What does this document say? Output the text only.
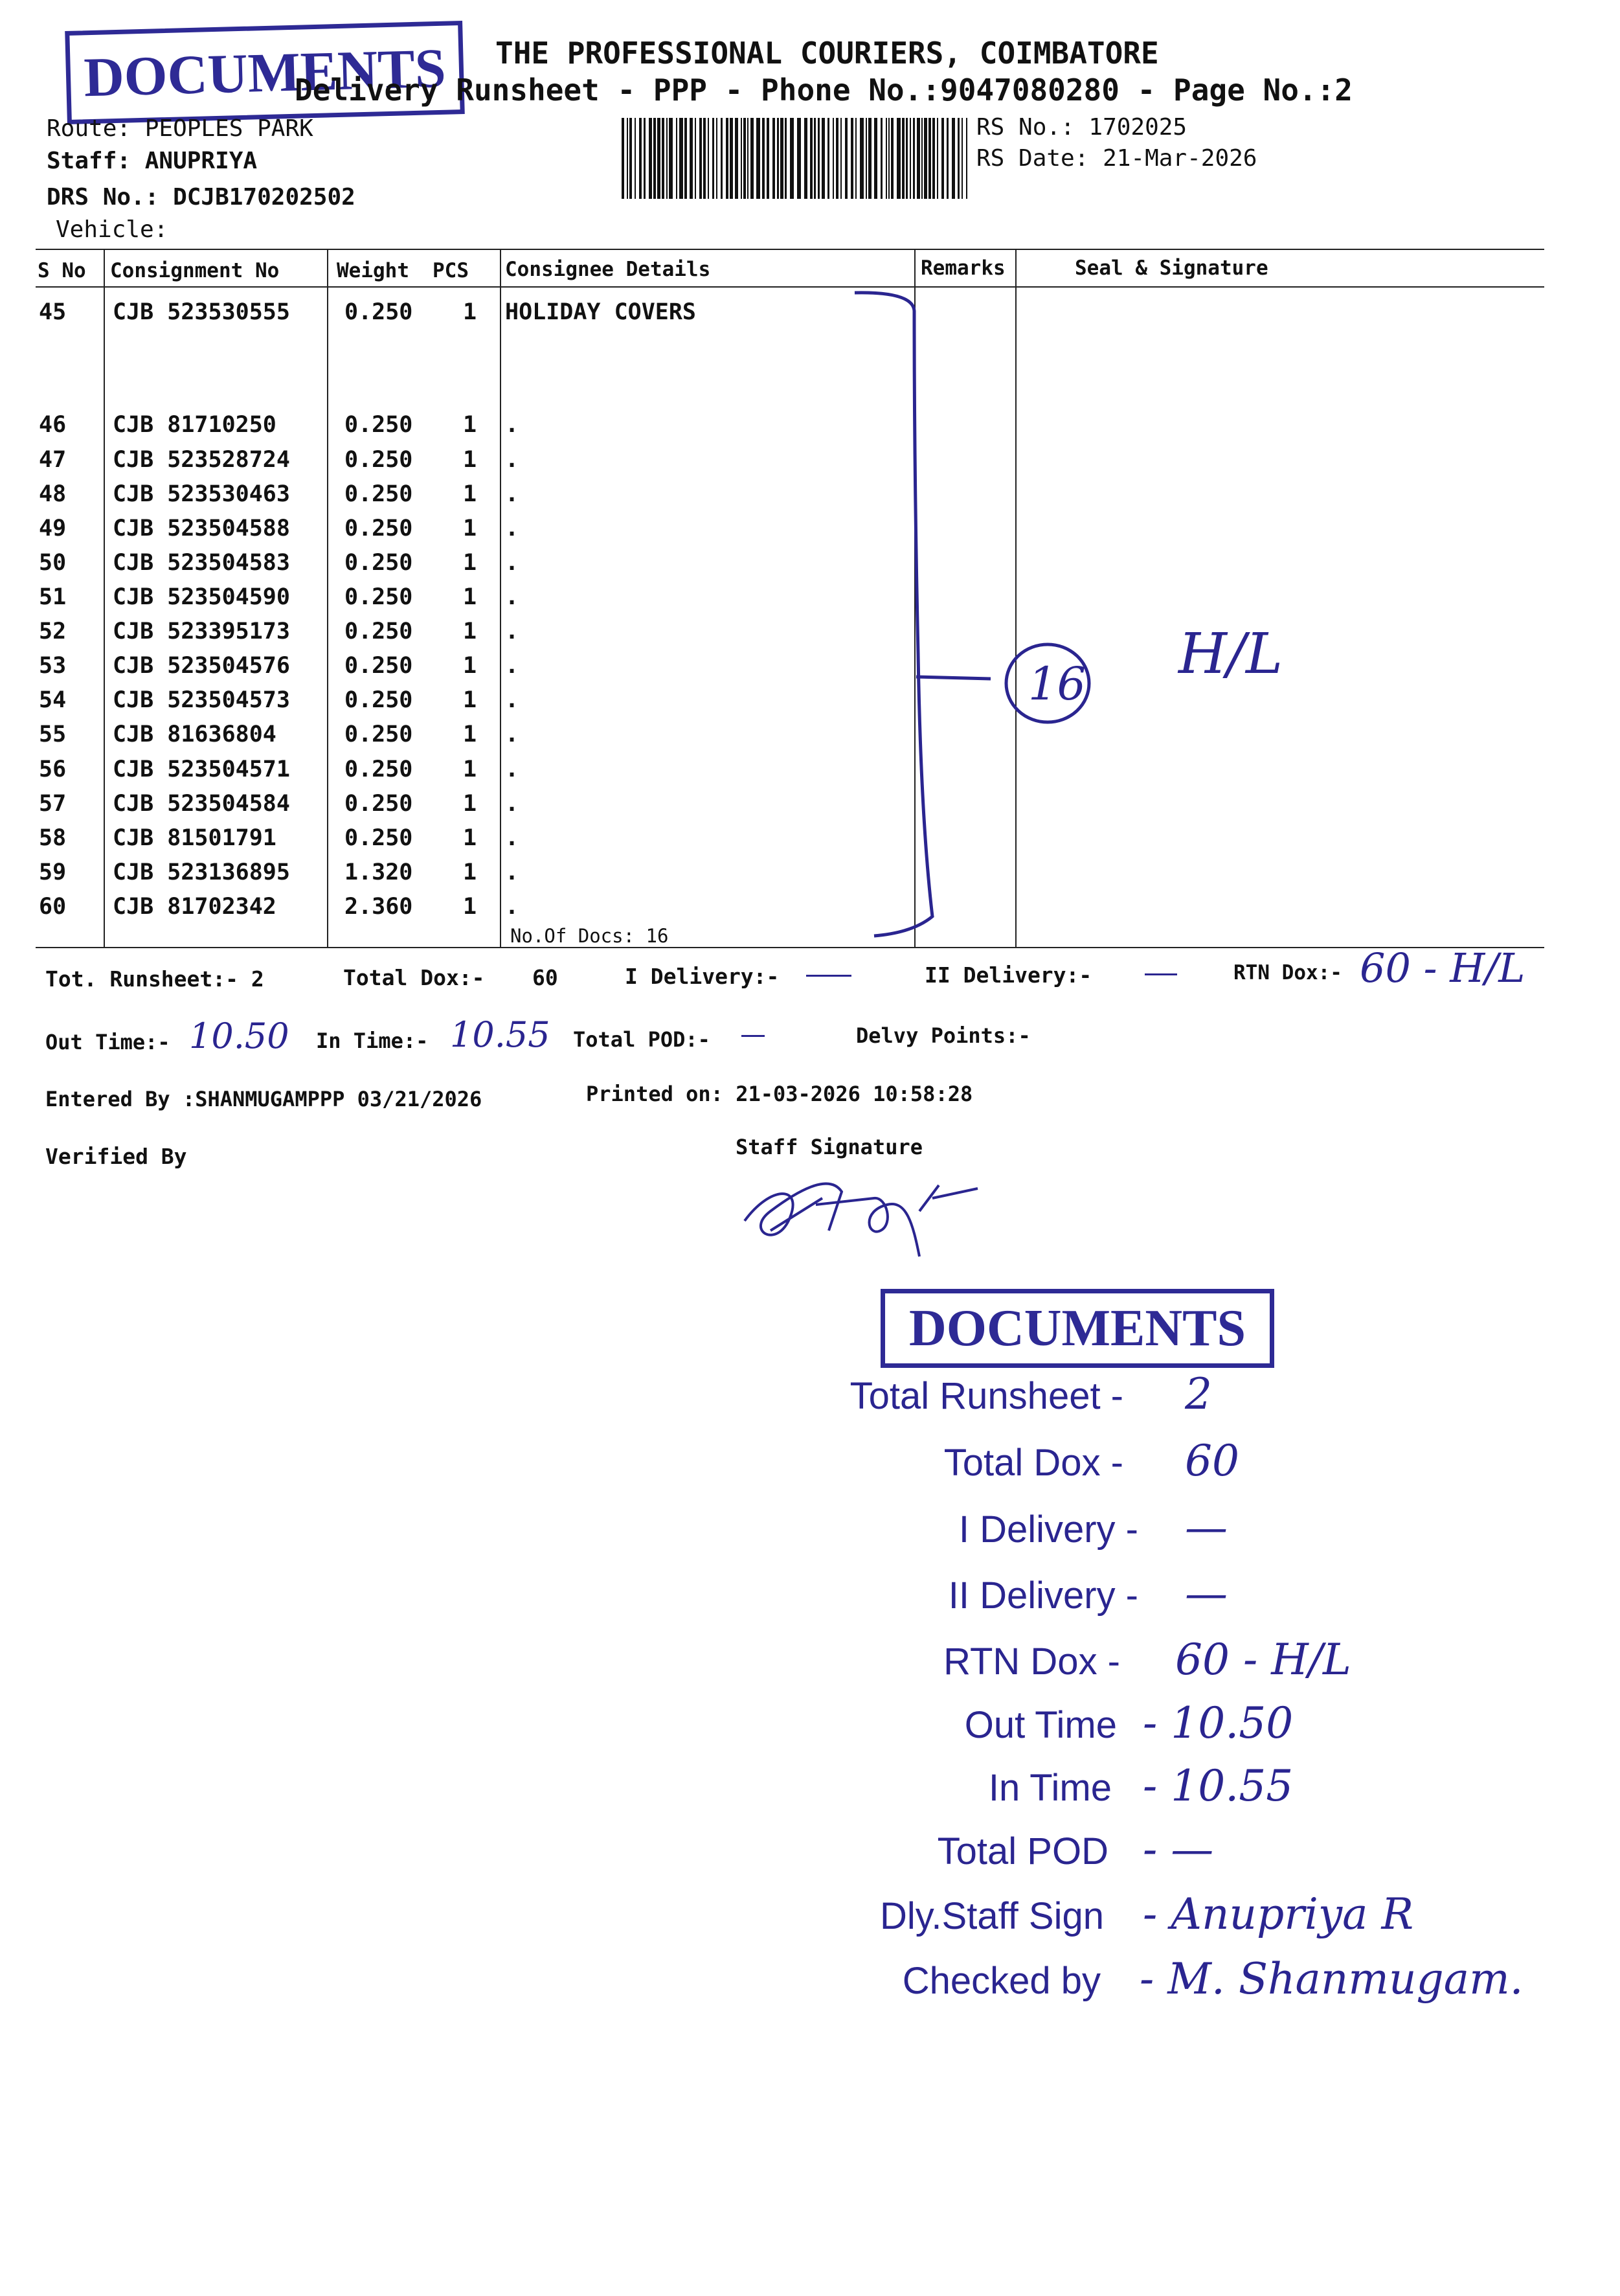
DOCUMENTS THE PROFESSIONAL COURIERS, COIMBATORE
Delivery Runsheet - PPP - Phone No.:9047080280 - Page No.:2
Route: PEOPLES PARK
Staff: ANUPRIYA
DRS No.: DCJB170202502
Vehicle:
RS No.: 1702025
RS Date: 21-Mar-2026
S No Consignment No	Weight PCS Consignee Details	Remarks	Seal & Signature
45 CJB 523530555 0.250 1 HOLIDAY COVERS
46 CJB 81710250	0.250 1 .
47 CJB 523528724 0.250 1 .
48 CJB 523530463 0.250 1 .
49 CJB 523504588 0.250 1 .
50 CJB 523504583 0.250 1 .
51 CJB 523504590 0.250 1 .
52 CJB 523395173 0.250 1 .
53 CJB 523504576 0.250 1 .
54 CJB 523504573 0.250 1 .
55 CJB 81636804	0.250 1 .
56 CJB 523504571 0.250 1 .
57 CJB 523504584 0.250 1 .
58 CJB 81501791	0.250 1 .
59 CJB 523136895 1.320 1 .
60 CJB 81702342	2.360 1 .
No.Of Docs: 16
16 H/L
Tot. Runsheet:- 2	Total Dox:- 60	I Delivery:-	II Delivery:-	RTN Dox:- 60 - H/L
Out Time:- 10.50 In Time:- 10.55 Total POD:-	Delvy Points:-
Entered By :SHANMUGAMPPP 03/21/2026	Printed on: 21-03-2026 10:58:28
Verified By	Staff Signature
DOCUMENTS
Total Runsheet - 2
Total Dox - 60
I Delivery - —
II Delivery - —
RTN Dox - 60 - H/L
Out Time - 10.50
In Time - 10.55
Total POD - —
Dly.Staff Sign - Anupriya R
Checked by - M. Shanmugam.
